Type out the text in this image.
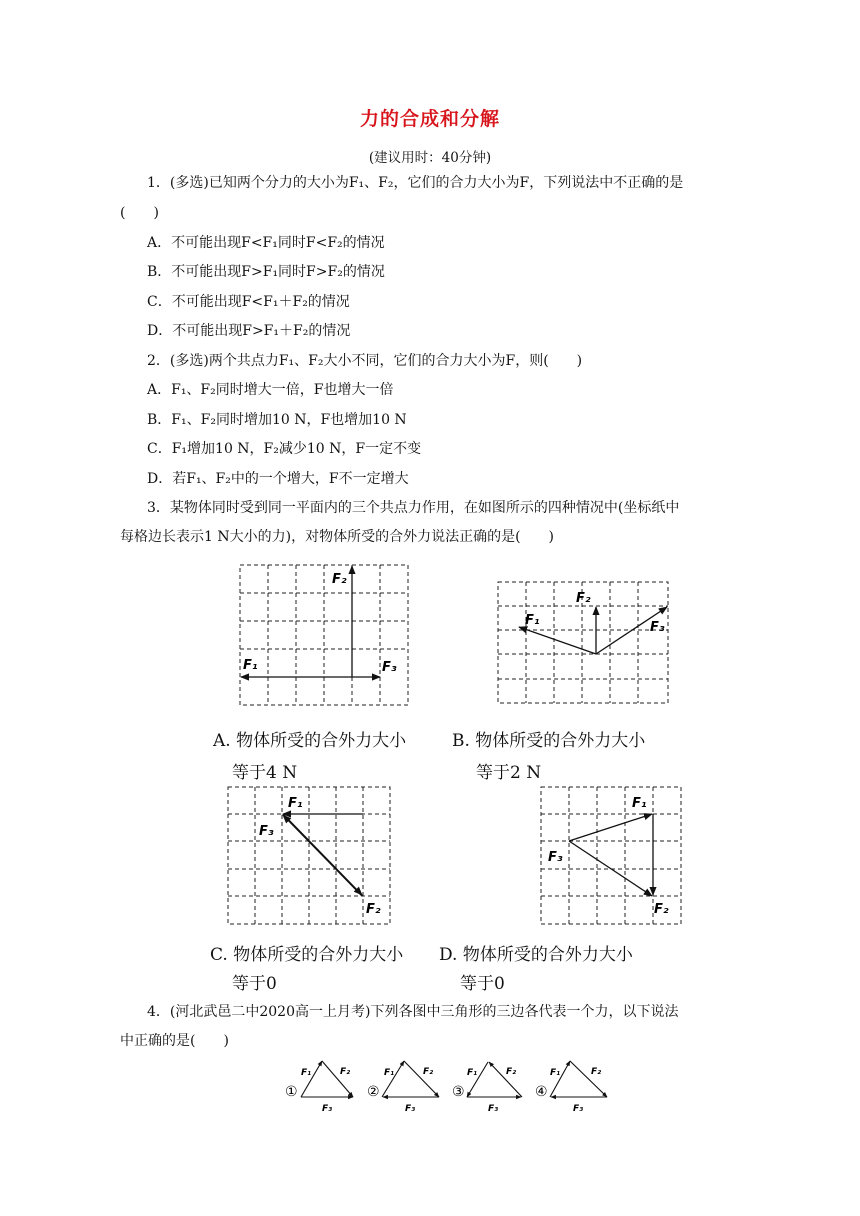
力的合成和分解
(建议用时：40分钟)
1．(多选)已知两个分力的大小为F₁、F₂，它们的合力大小为F，下列说法中不正确的是
(　　)
A．不可能出现F<F₁同时F<F₂的情况
B．不可能出现F>F₁同时F>F₂的情况
C．不可能出现F<F₁＋F₂的情况
D．不可能出现F>F₁＋F₂的情况
2．(多选)两个共点力F₁、F₂大小不同，它们的合力大小为F，则(　　)
A．F₁、F₂同时增大一倍，F也增大一倍
B．F₁、F₂同时增加10 N，F也增加10 N
C．F₁增加10 N，F₂减少10 N，F一定不变
D．若F₁、F₂中的一个增大，F不一定增大
3．某物体同时受到同一平面内的三个共点力作用，在如图所示的四种情况中(坐标纸中
每格边长表示1 N大小的力)，对物体所受的合外力说法正确的是(　　)
F₁
F₂
F₃
F₁
F₂
F₃
F₁
F₂
F₃
F₁
F₂
F₃
A. 物体所受的合外力大小
等于4 N
B. 物体所受的合外力大小
等于2 N
C. 物体所受的合外力大小
等于0
D. 物体所受的合外力大小
等于0
4．(河北武邑二中2020高一上月考)下列各图中三角形的三边各代表一个力，以下说法
中正确的是(　　)
①	②	③	④
F₁	F₂
F₃
F₁	F₂
F₃
F₁	F₂
F₃
F₁	F₂
F₃
